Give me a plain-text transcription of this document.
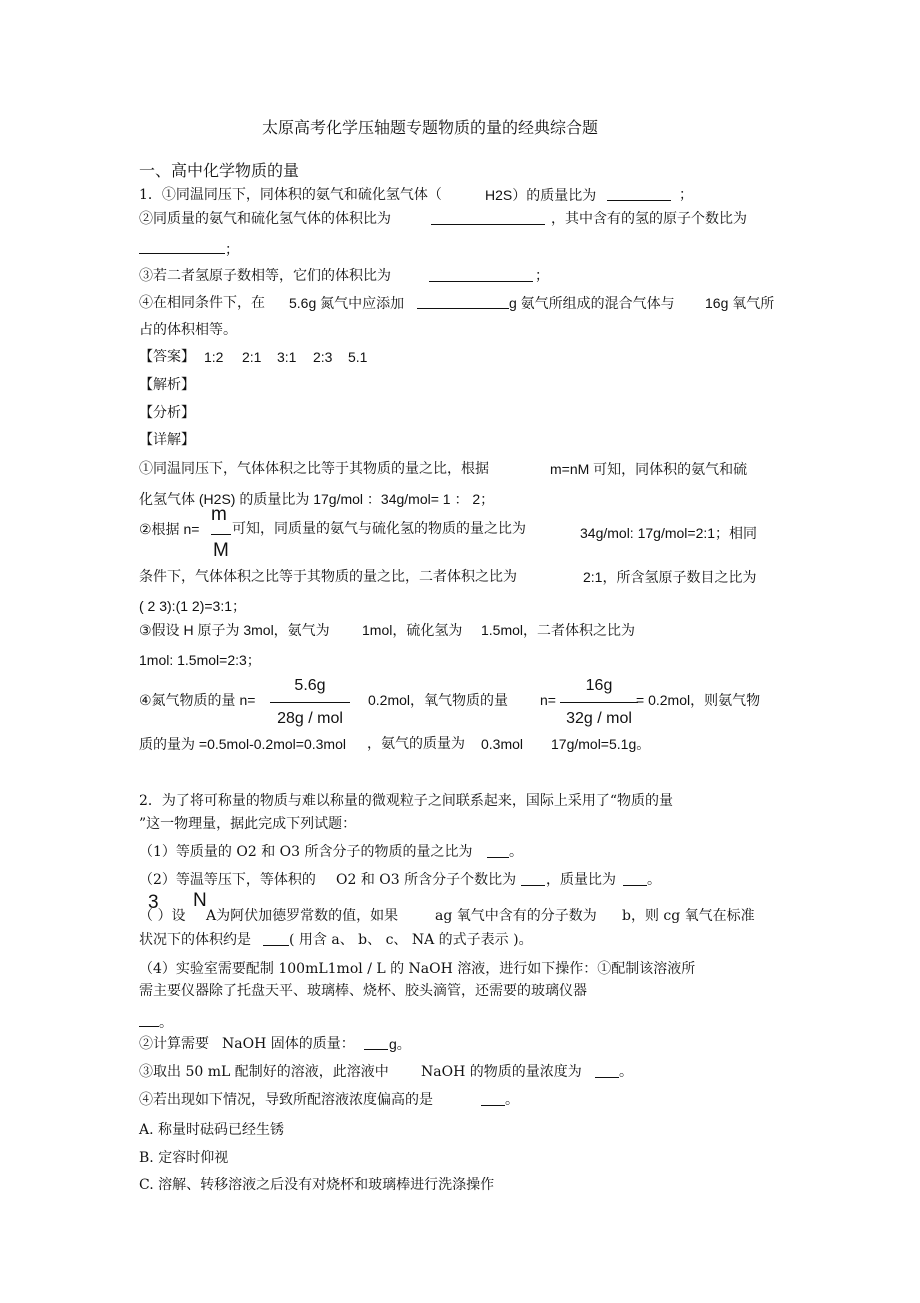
太原高考化学压轴题专题物质的量的经典综合题
一、高中化学物质的量
1．①同温同压下，同体积的氨气和硫化氢气体（	H2S）的质量比为	；
②同质量的氨气和硫化氢气体的体积比为	，其中含有的氢的原子个数比为
；
③若二者氢原子数相等，它们的体积比为	；
④在相同条件下，在 5.6g 氮气中应添加	g 氨气所组成的混合气体与 16g 氧气所
占的体积相等。
【答案】 1:2 2:1 3:1 2:3 5.1
【解析】
【分析】
【详解】
①同温同压下，气体体积之比等于其物质的量之比，根据	m=nM 可知，同体积的氨气和硫
化氢气体 (H2S) 的质量比为 17g/mol ：34g/mol= 1 ： 2；
②根据 n= 可知，同质量的氨气与硫化氢的物质的量之比为	34g/mol: 17g/mol=2:1；相同
m
M
条件下，气体体积之比等于其物质的量之比，二者体积之比为	2:1，所含氢原子数目之比为
( 2 3):(1 2)=3:1；
③假设 H 原子为 3mol，氨气为 1mol，硫化氢为 1.5mol，二者体积之比为
1mol: 1.5mol=2:3；
④氮气物质的量 n=	0.2mol，氧气物质的量 n=	= 0.2mol，则氨气物
5.6g
28g / mol
16g
32g / mol
质的量为 =0.5mol-0.2mol=0.3mol ，氨气的质量为 0.3mol 17g/mol=5.1g。
2．为了将可称量的物质与难以称量的微观粒子之间联系起来，国际上采用了“物质的量
”这一物理量，据此完成下列试题：
（1）等质量的 O2 和 O3 所含分子的物质的量之比为	。
（2）等温等压下，等体积的 O2 和 O3 所含分子个数比为 ，质量比为 。
3 N
（ ）设 A为阿伏加德罗常数的值，如果	ag 氧气中含有的分子数为 b，则 cg 氧气在标准
状况下的体积约是	( 用含 a、 b、 c、 NA 的式子表示 )。
（4）实验室需要配制 100mL1mol / L 的 NaOH 溶液，进行如下操作：①配制该溶液所
需主要仪器除了托盘天平、玻璃棒、烧杯、胶头滴管，还需要的玻璃仪器
。
②计算需要 NaOH 固体的质量： g。
③取出 50 mL 配制好的溶液，此溶液中 NaOH 的物质的量浓度为	。
④若出现如下情况，导致所配溶液浓度偏高的是	。
A. 称量时砝码已经生锈
B. 定容时仰视
C. 溶解、转移溶液之后没有对烧杯和玻璃棒进行洗涤操作
